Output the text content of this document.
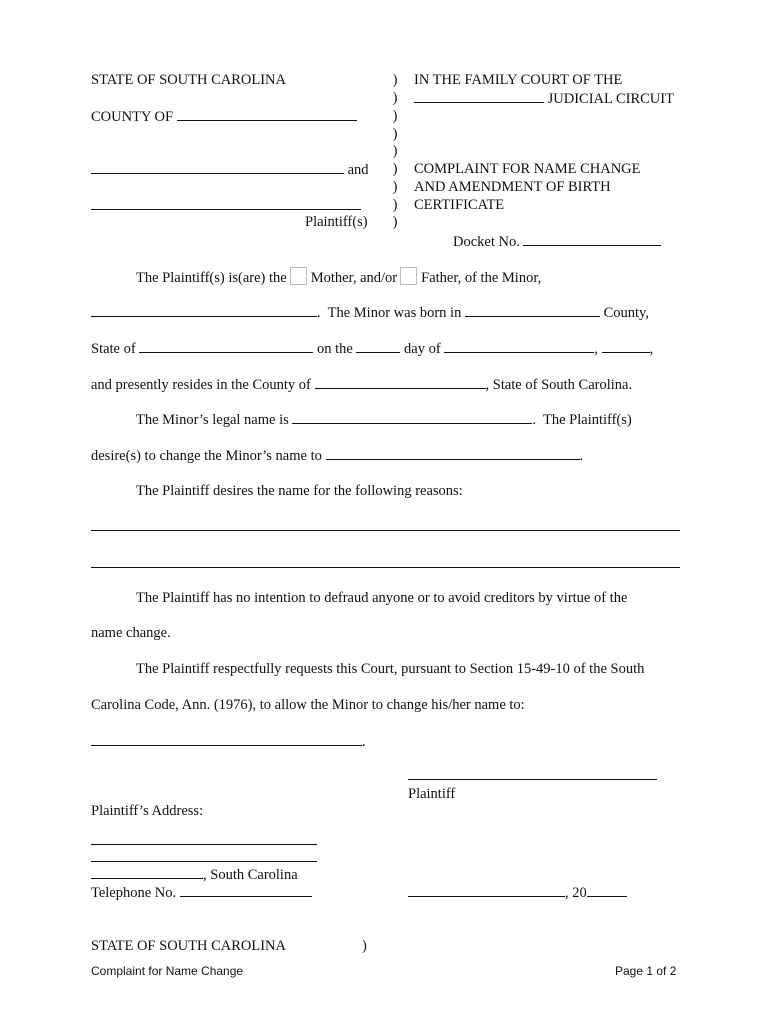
STATE OF SOUTH CAROLINA
COUNTY OF
and
Plaintiff(s)
)
)
)
)
)
)
)
)
)
IN THE FAMILY COURT OF THE
JUDICIAL CIRCUIT
COMPLAINT FOR NAME CHANGE
AND AMENDMENT OF BIRTH
CERTIFICATE
Docket No.
The Plaintiff(s) is(are) the Mother, and/or Father, of the Minor,
.  The Minor was born in	County,
State of	on the	day of	,	,
and presently resides in the County of	, State of South Carolina.
The Minor’s legal name is	.  The Plaintiff(s)
desire(s) to change the Minor’s name to	.
The Plaintiff desires the name for the following reasons:
The Plaintiff has no intention to defraud anyone or to avoid creditors by virtue of the
name change.
The Plaintiff respectfully requests this Court, pursuant to Section 15-49-10 of the South
Carolina Code, Ann. (1976), to allow the Minor to change his/her name to:
.
Plaintiff
Plaintiff’s Address:
, South Carolina
Telephone No.	, 20
STATE OF SOUTH CAROLINA	)
Complaint for Name Change	Page 1 of 2
